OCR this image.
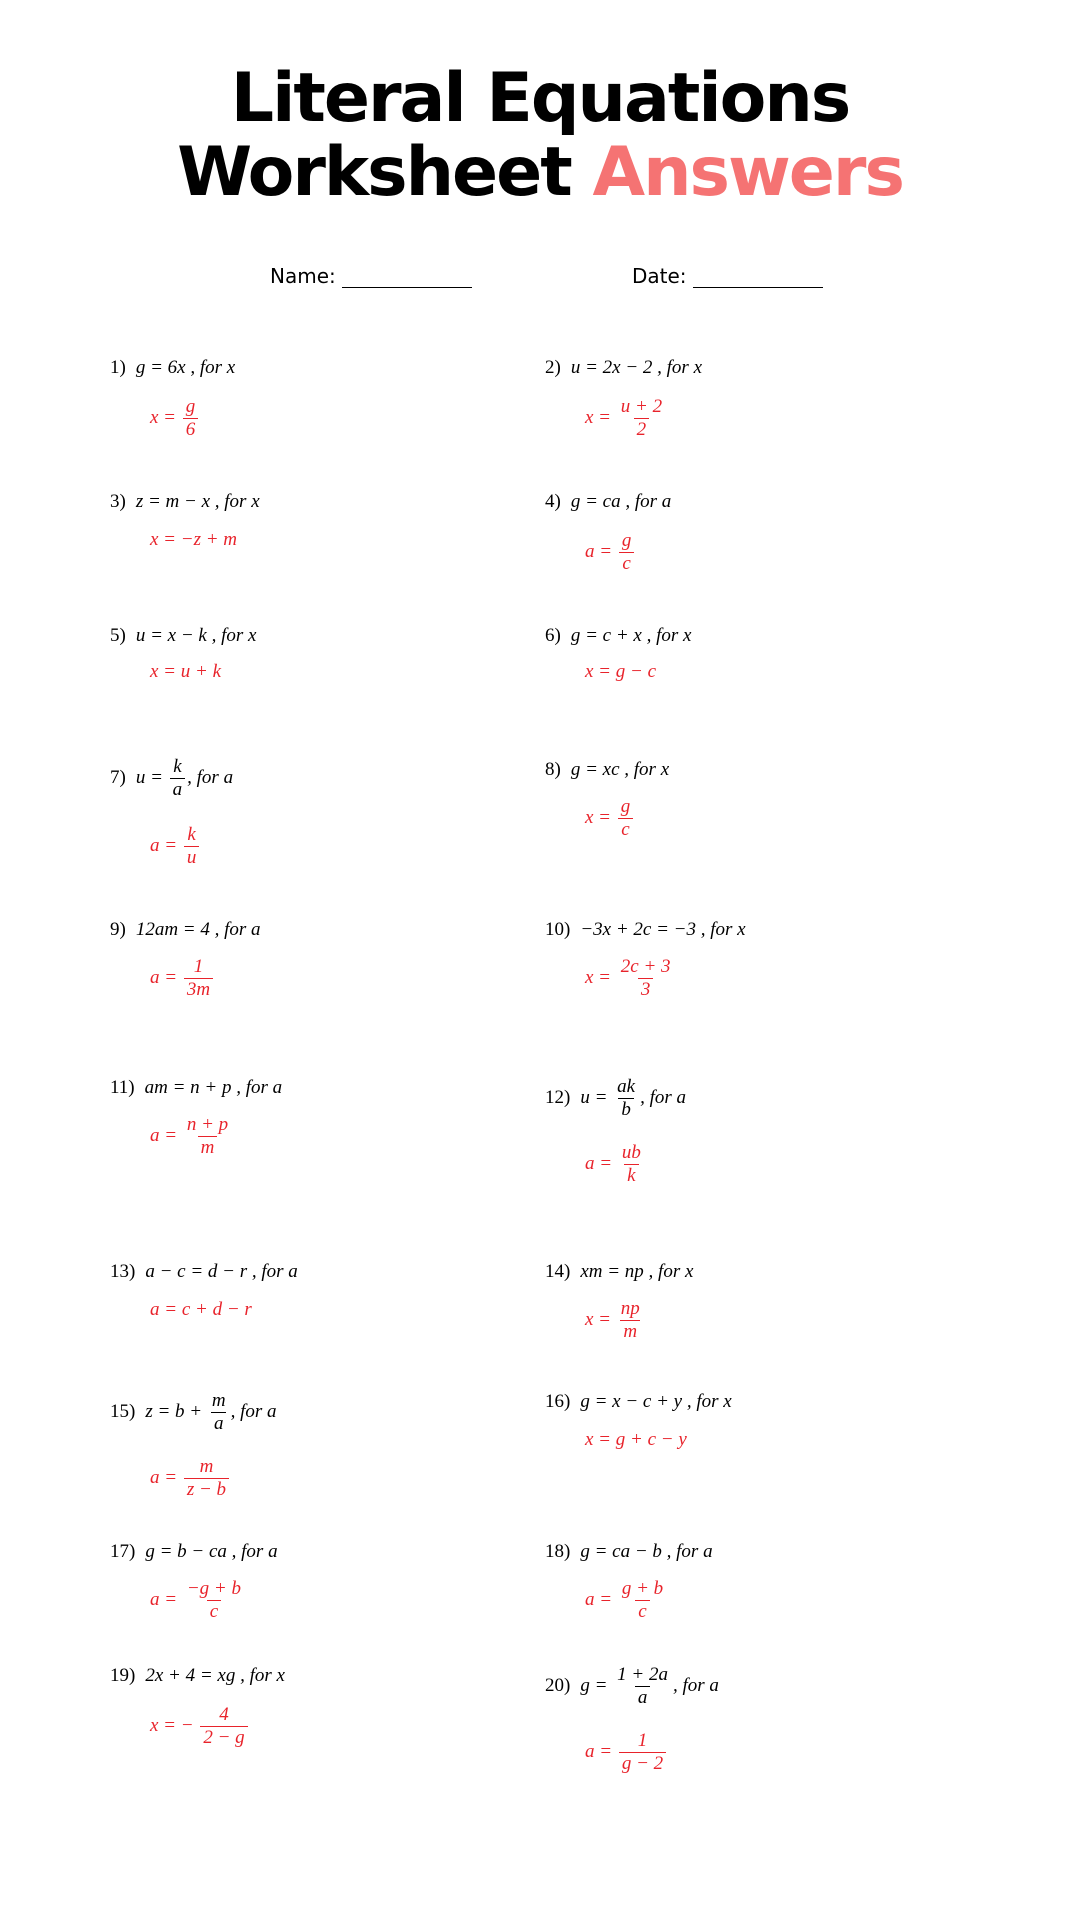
Literal Equations
Worksheet Answers
Name:	Date:
1) g = 6x , for x
$x = \frac{g}{6}$
2) u = 2x − 2 , for x
$x = \frac{u + 2}{2}$
3) z = m − x , for x
x = −z + m
4) g = ca , for a
$a = \frac{g}{c}$
5) u = x − k , for x
x = u + k
6) g = c + x , for x
x = g − c
7) $u = \frac{k}{a}$ , for a
$a = \frac{k}{u}$
8) g = xc , for x
$x = \frac{g}{c}$
9) 12am = 4 , for a
$a = \frac{1}{3m}$
10) −3x + 2c = −3 , for x
$x = \frac{2c + 3}{3}$
11) am = n + p , for a
$a = \frac{n + p}{m}$
12) $u = \frac{ak}{b}$ , for a
$a = \frac{ub}{k}$
13) a − c = d − r , for a
a = c + d − r
14) xm = np , for x
$x = \frac{np}{m}$
15) $z = b + \frac{m}{a}$ , for a
$a = \frac{m}{z - b}$
16) g = x − c + y , for x
x = g + c − y
17) g = b − ca , for a
$a = \frac{-g + b}{c}$
18) g = ca − b , for a
$a = \frac{g + b}{c}$
19) 2x + 4 = xg , for x
x = − $\frac{4}{2 - g}$
20) $g = \frac{1 + 2a}{a}$ , for a
$a = \frac{1}{g - 2}$
